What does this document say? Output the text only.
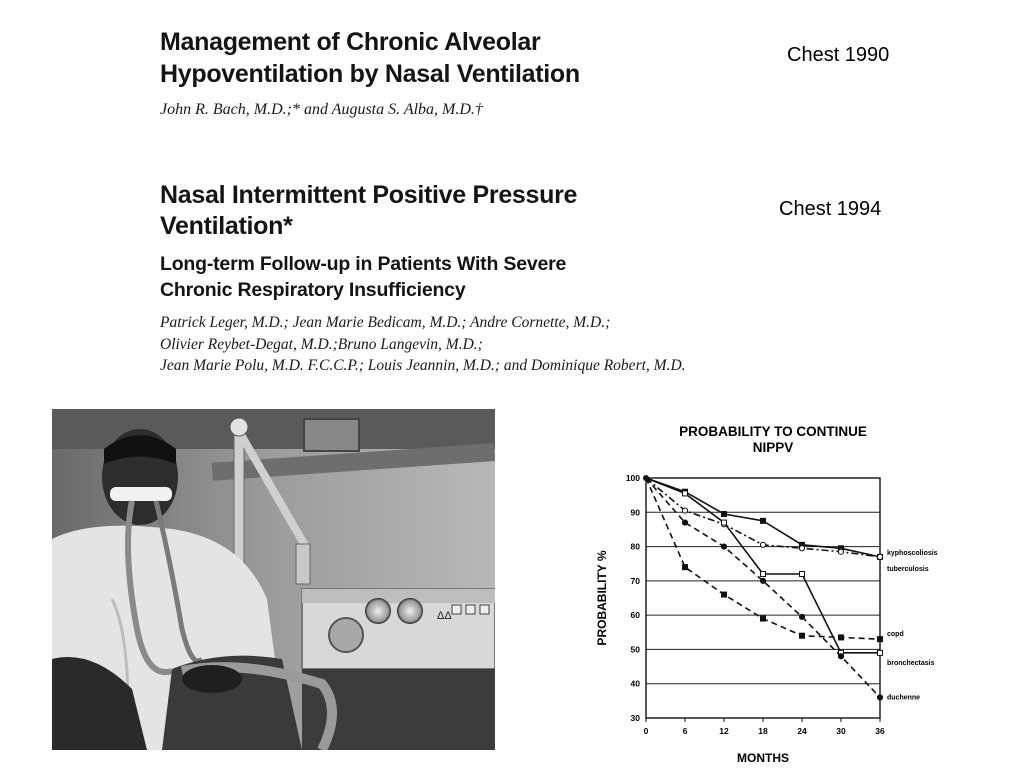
Management of Chronic Alveolar
Hypoventilation by Nasal Ventilation
John R. Bach, M.D.;* and Augusta S. Alba, M.D.†
Chest 1990
Nasal Intermittent Positive Pressure
Ventilation*
Chest 1994
Long-term Follow-up in Patients With Severe
Chronic Respiratory Insufficiency
Patrick Leger, M.D.; Jean Marie Bedicam, M.D.; Andre Cornette, M.D.;
Olivier Reybet-Degat, M.D.;Bruno Langevin, M.D.;
Jean Marie Polu, M.D. F.C.C.P.; Louis Jeannin, M.D.; and Dominique Robert, M.D.
ΔΔ
PROBABILITY TO CONTINUE
NIPPV
30
40
50
60
70
80
90
100
0	6	12	18	24	30	36
MONTHS
PROBABILITY %	kyphoscoliosis
tuberculosis
copd
bronchectasis
duchenne
